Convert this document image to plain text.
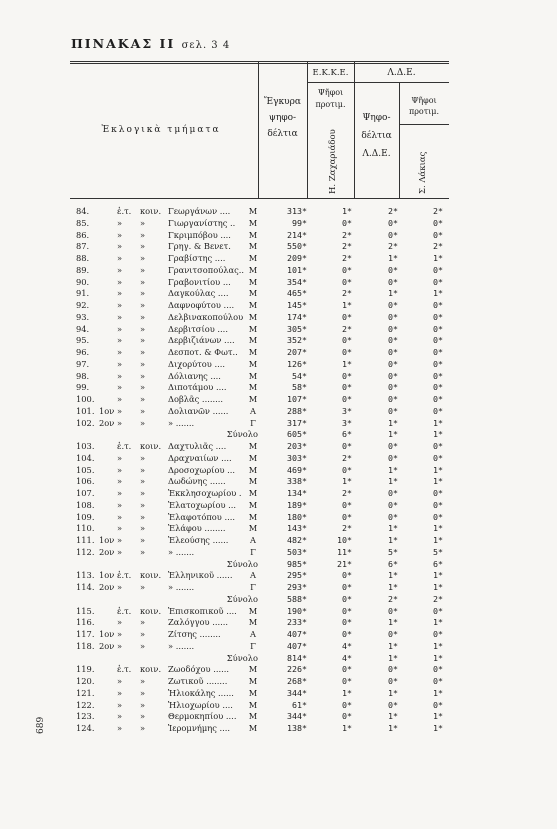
ΠΙΝΑΚΑΣ ΙΙ σελ. 3 4
Ἐκλογικὰ τμήματα
Ἔγκυρα
ψηφο-
δέλτια
Ε.Κ.Κ.Ε.	Λ.Δ.Ε.
Ψῆφοι
προτιμ.
Η. Ζαχαριάδου
Ψηφο-
δέλτια
Λ.Δ.Ε.
Ψῆφοι
προτιμ.
Σ. Λάκιας
84.	ἐ.τ.	κοιν. Γεωργάνων ....	Μ	313*	1*	2*	2*
85.	»	»	Γιωργανίστης ..	Μ	99*	0*	0*	0*
86.	»	»	Γκριμπόβου ....	Μ	214*	2*	0*	0*
87.	»	»	Γρηγ. & Βενετ.	Μ	550*	2*	2*	2*
88.	»	»	Γραβίστης ....	Μ	209*	2*	1*	1*
89.	»	»	Γρανιτσοπούλας.. Μ	101*	0*	0*	0*
90.	»	»	Γραβονιτίου ...	Μ	354*	0*	0*	0*
91.	»	»	Δαγκούλας ....	Μ	465*	2*	1*	1*
92.	»	»	Δαφνοφύτου ....	Μ	145*	1*	0*	0*
93.	»	»	Δελβινακοπούλου Μ	174*	0*	0*	0*
94.	»	»	Δερβιτσίου ....	Μ	305*	2*	0*	0*
95.	»	»	Δερβιζιάνων ....	Μ	352*	0*	0*	0*
96.	»	»	Δεσποτ. & Φωτ..	Μ	207*	0*	0*	0*
97.	»	»	Διχορύτου ....	Μ	126*	1*	0*	0*
98.	»	»	Δόλιανης ....	Μ	54*	0*	0*	0*
99.	»	»	Διποτάμου ....	Μ	58*	0*	0*	0*
100.	»	»	Δοβλᾶς ........	Μ	107*	0*	0*	0*
101. 1ον »	»	Δολιανῶν ......	Α	288*	3*	0*	0*
102. 2ον »	»	» .......	Γ	317*	3*	1*	1*
Σύνολο	605*	6*	1*	1*
103.	ἐ.τ.	κοιν. Δαχτυλιᾶς ....	Μ	203*	0*	0*	0*
104.	»	»	Δραχναιίων ....	Μ	303*	2*	0*	0*
105.	»	»	Δροσοχωρίου ...	Μ	469*	0*	1*	1*
106.	»	»	Δωδώνης ......	Μ	338*	1*	1*	1*
107.	»	»	Ἐκκλησοχωρίου . Μ	134*	2*	0*	0*
108.	»	»	Ἐλατοχωρίου ...	Μ	189*	0*	0*	0*
109.	»	»	Ἐλαφοτόπου ....	Μ	180*	0*	0*	0*
110.	»	»	Ἐλάφου ........	Μ	143*	2*	1*	1*
111. 1ον »	»	Ἐλεούσης ......	Α	482*	10*	1*	1*
112. 2ον »	»	» .......	Γ	503*	11*	5*	5*
Σύνολο	985*	21*	6*	6*
113. 1ον ἐ.τ.	κοιν. Ἑλληνικοῦ ......	Α	295*	0*	1*	1*
114. 2ον »	»	» .......	Γ	293*	0*	1*	1*
Σύνολο	588*	0*	2*	2*
115.	ἐ.τ.	κοιν. Ἐπισκοπικοῦ ....	Μ	190*	0*	0*	0*
116.	»	»	Ζαλόγγου ......	Μ	233*	0*	1*	1*
117. 1ον »	»	Ζίτσης ........	Α	407*	0*	0*	0*
118. 2ον »	»	» .......	Γ	407*	4*	1*	1*
Σύνολο	814*	4*	1*	1*
119.	ἐ.τ.	κοιν. Ζωοδόχου ......	Μ	226*	0*	0*	0*
120.	»	»	Ζωτικοῦ ........	Μ	268*	0*	0*	0*
121.	»	»	Ἡλιοκάλης ......	Μ	344*	1*	1*	1*
122.	»	»	Ἡλιοχωρίου ....	Μ	61*	0*	0*	0*
123.	»	»	Θερμοκηπίου ....	Μ	344*	0*	1*	1*
124.	»	»	Ἱερομνήμης ....	Μ	138*	1*	1*	1*
689
